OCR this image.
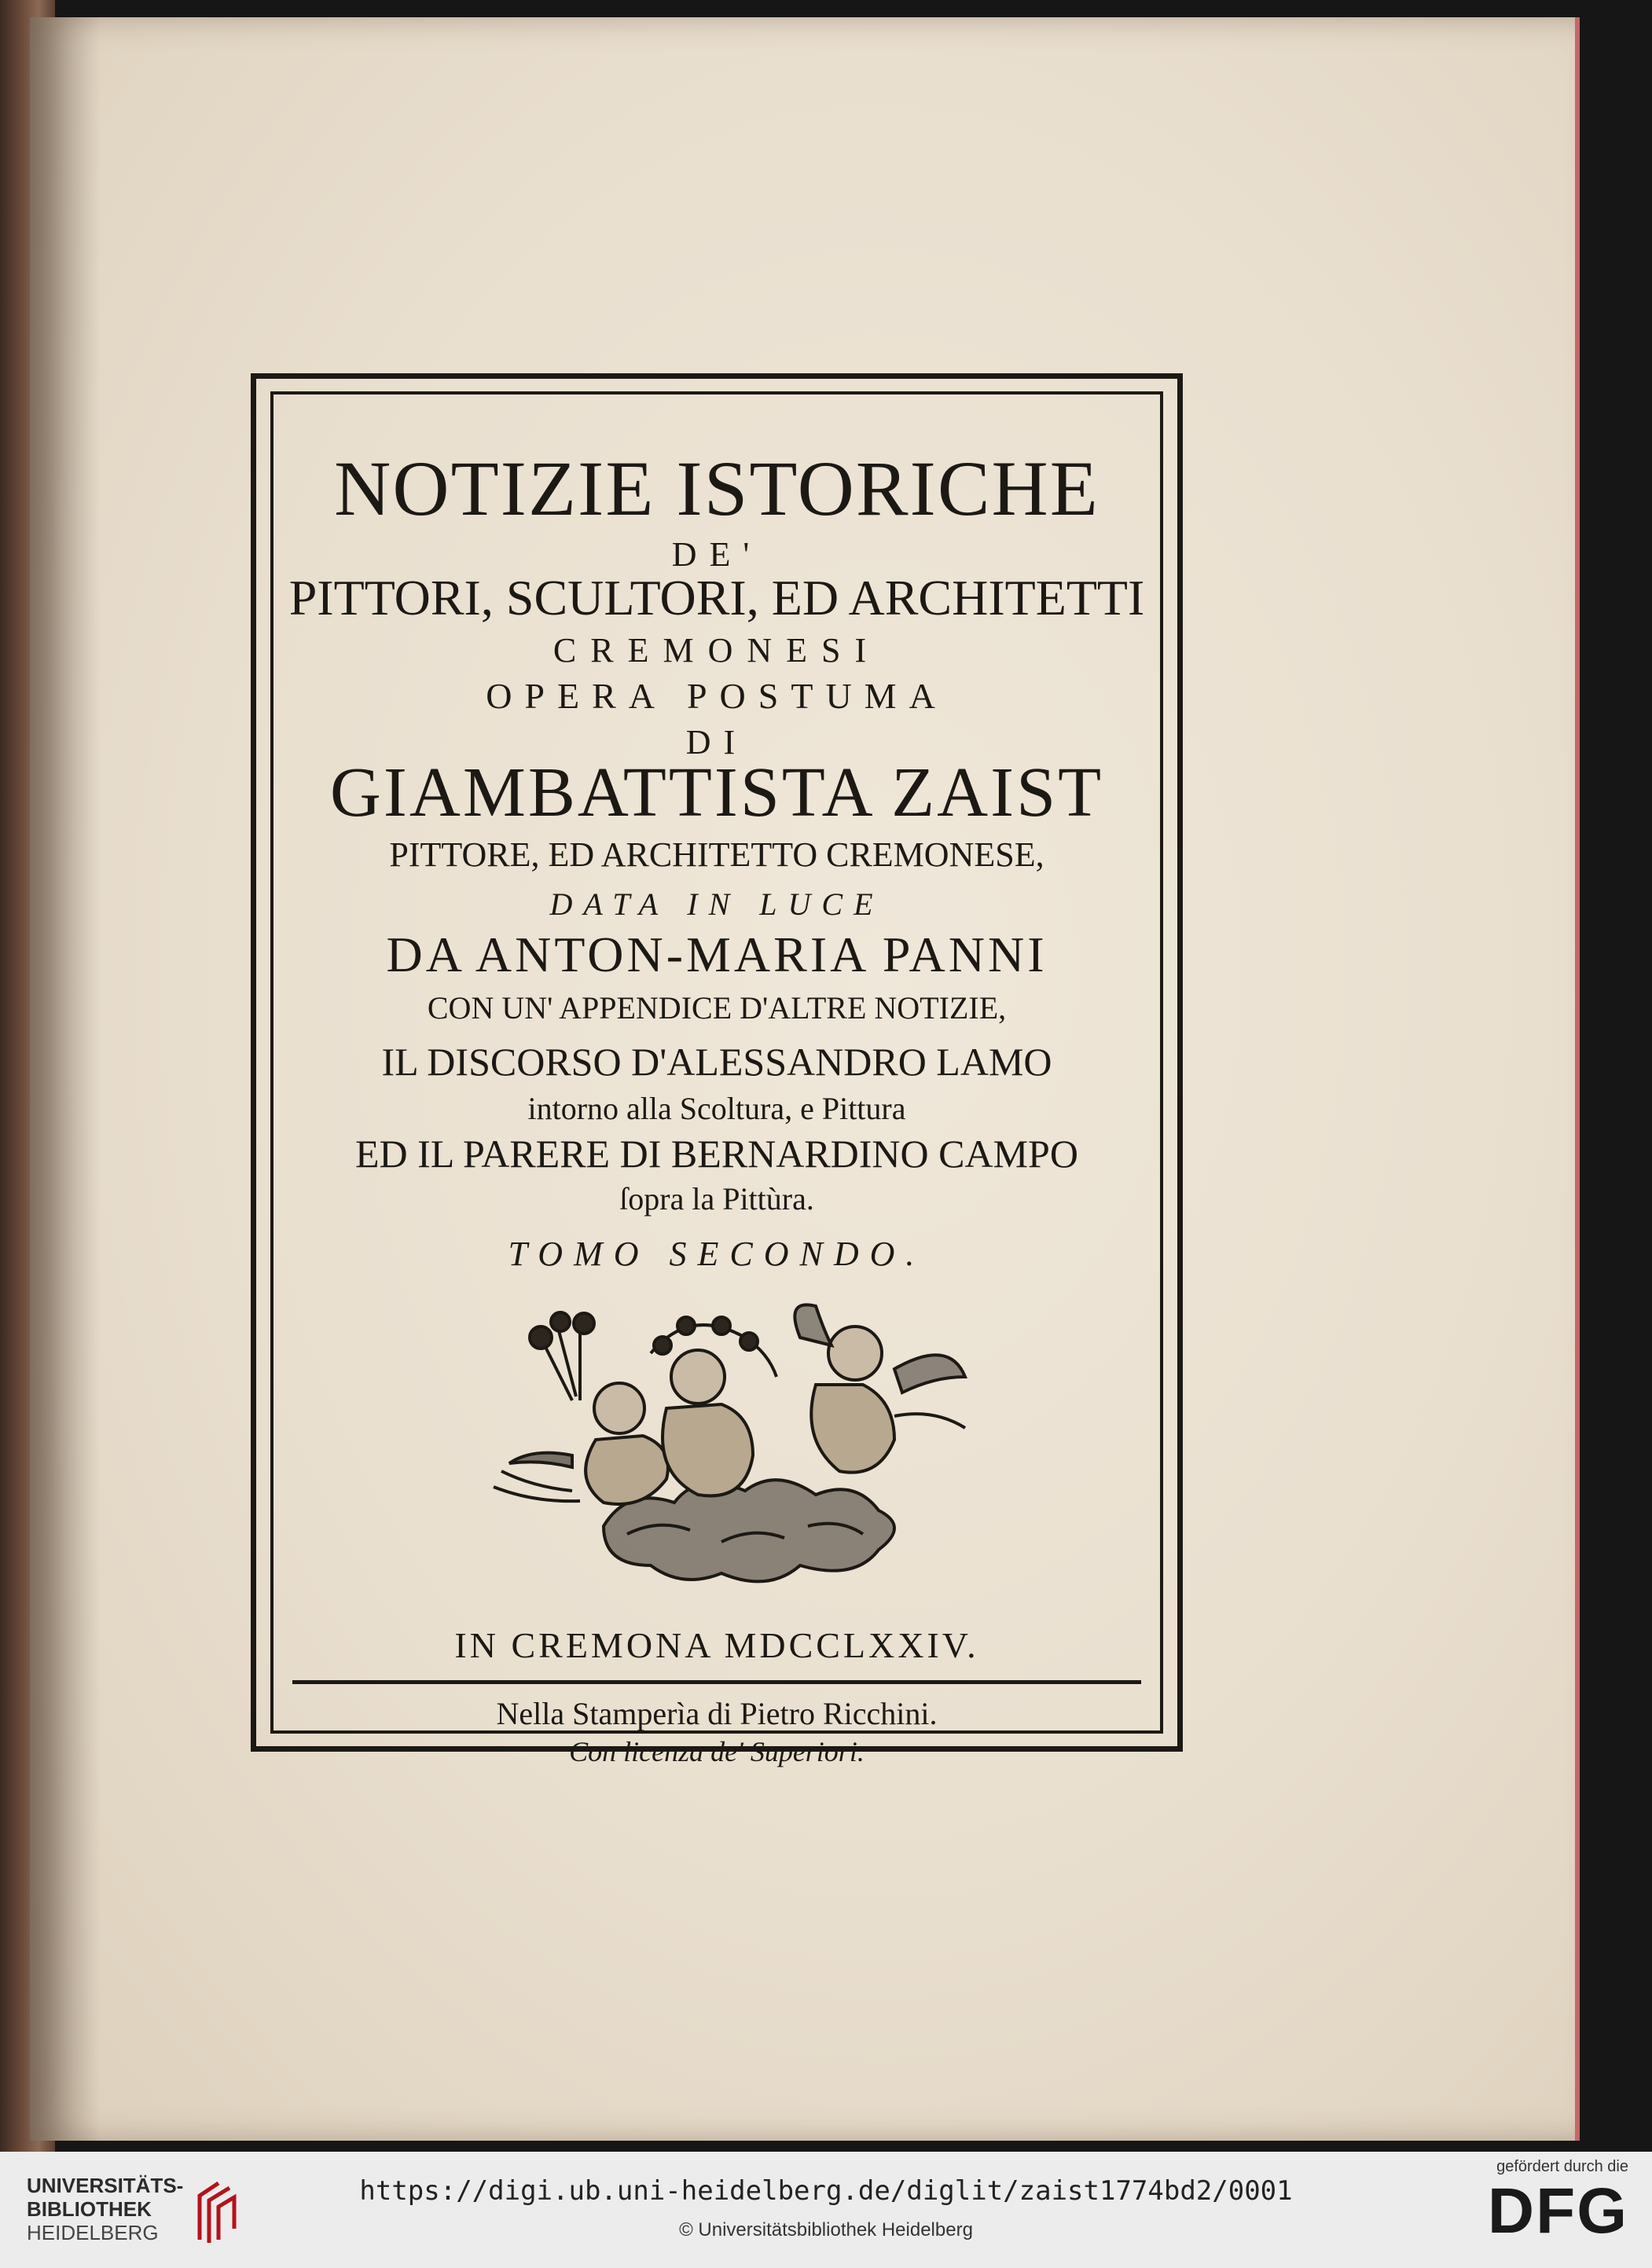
NOTIZIE ISTORICHE
DE'
PITTORI, SCULTORI, ED ARCHITETTI
CREMONESI
OPERA POSTUMA
DI
GIAMBATTISTA ZAIST
PITTORE, ED ARCHITETTO CREMONESE,
DATA IN LUCE
DA ANTON-MARIA PANNI
CON UN' APPENDICE D'ALTRE NOTIZIE,
IL DISCORSO D'ALESSANDRO LAMO
intorno alla Scoltura, e Pittura
ED IL PARERE DI BERNARDINO CAMPO
ſopra la Pittùra.
TOMO SECONDO.
IN CREMONA MDCCLXXIV.
Nella Stamperìa di Pietro Ricchini.
Con licenza de' Superiori.
UNIVERSITÄTS-
BIBLIOTHEK
HEIDELBERG
https://digi.ub.uni-heidelberg.de/diglit/zaist1774bd2/0001
© Universitätsbibliothek Heidelberg
gefördert durch die
DFG
